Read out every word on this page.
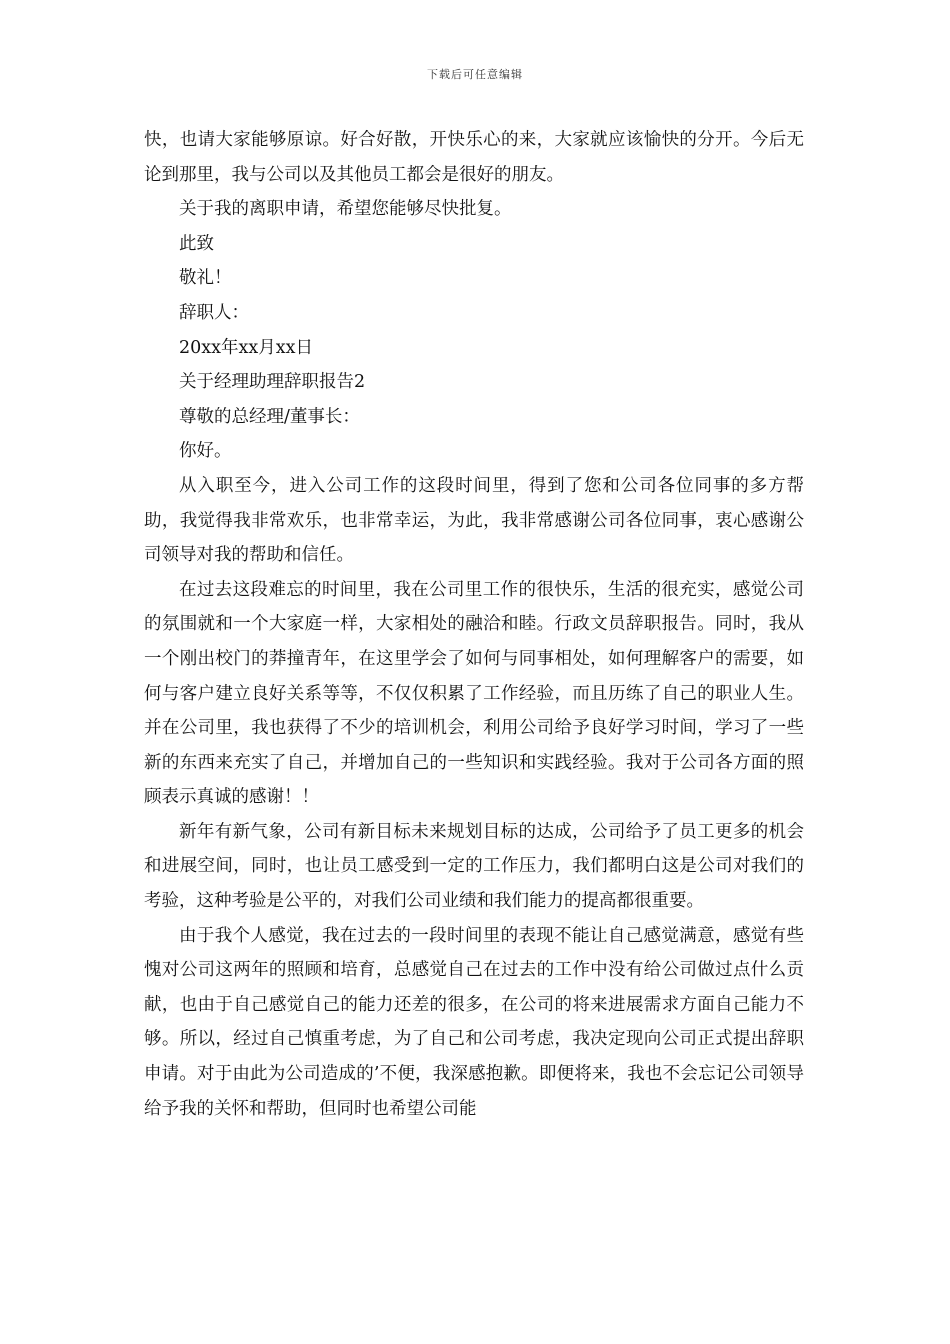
下载后可任意编辑

快，也请大家能够原谅。好合好散，开快乐心的来，大家就应该愉快的分开。今后无论到那里，我与公司以及其他员工都会是很好的朋友。

关于我的离职申请，希望您能够尽快批复。

此致

敬礼！

辞职人：

20xx年xx月xx日

关于经理助理辞职报告2

尊敬的总经理/董事长：

你好。

从入职至今，进入公司工作的这段时间里，得到了您和公司各位同事的多方帮助，我觉得我非常欢乐，也非常幸运，为此，我非常感谢公司各位同事，衷心感谢公司领导对我的帮助和信任。

在过去这段难忘的时间里，我在公司里工作的很快乐，生活的很充实，感觉公司的氛围就和一个大家庭一样，大家相处的融洽和睦。行政文员辞职报告。同时，我从一个刚出校门的莽撞青年，在这里学会了如何与同事相处，如何理解客户的需要，如何与客户建立良好关系等等，不仅仅积累了工作经验，而且历练了自己的职业人生。并在公司里，我也获得了不少的培训机会，利用公司给予良好学习时间，学习了一些新的东西来充实了自己，并增加自己的一些知识和实践经验。我对于公司各方面的照顾表示真诚的感谢！！

新年有新气象，公司有新目标未来规划目标的达成，公司给予了员工更多的机会和进展空间，同时，也让员工感受到一定的工作压力，我们都明白这是公司对我们的考验，这种考验是公平的，对我们公司业绩和我们能力的提高都很重要。

由于我个人感觉，我在过去的一段时间里的表现不能让自己感觉满意，感觉有些愧对公司这两年的照顾和培育，总感觉自己在过去的工作中没有给公司做过点什么贡献，也由于自己感觉自己的能力还差的很多，在公司的将来进展需求方面自己能力不够。所以，经过自己慎重考虑，为了自己和公司考虑，我决定现向公司正式提出辞职申请。对于由此为公司造成的’不便，我深感抱歉。即便将来，我也不会忘记公司领导给予我的关怀和帮助，但同时也希望公司能
